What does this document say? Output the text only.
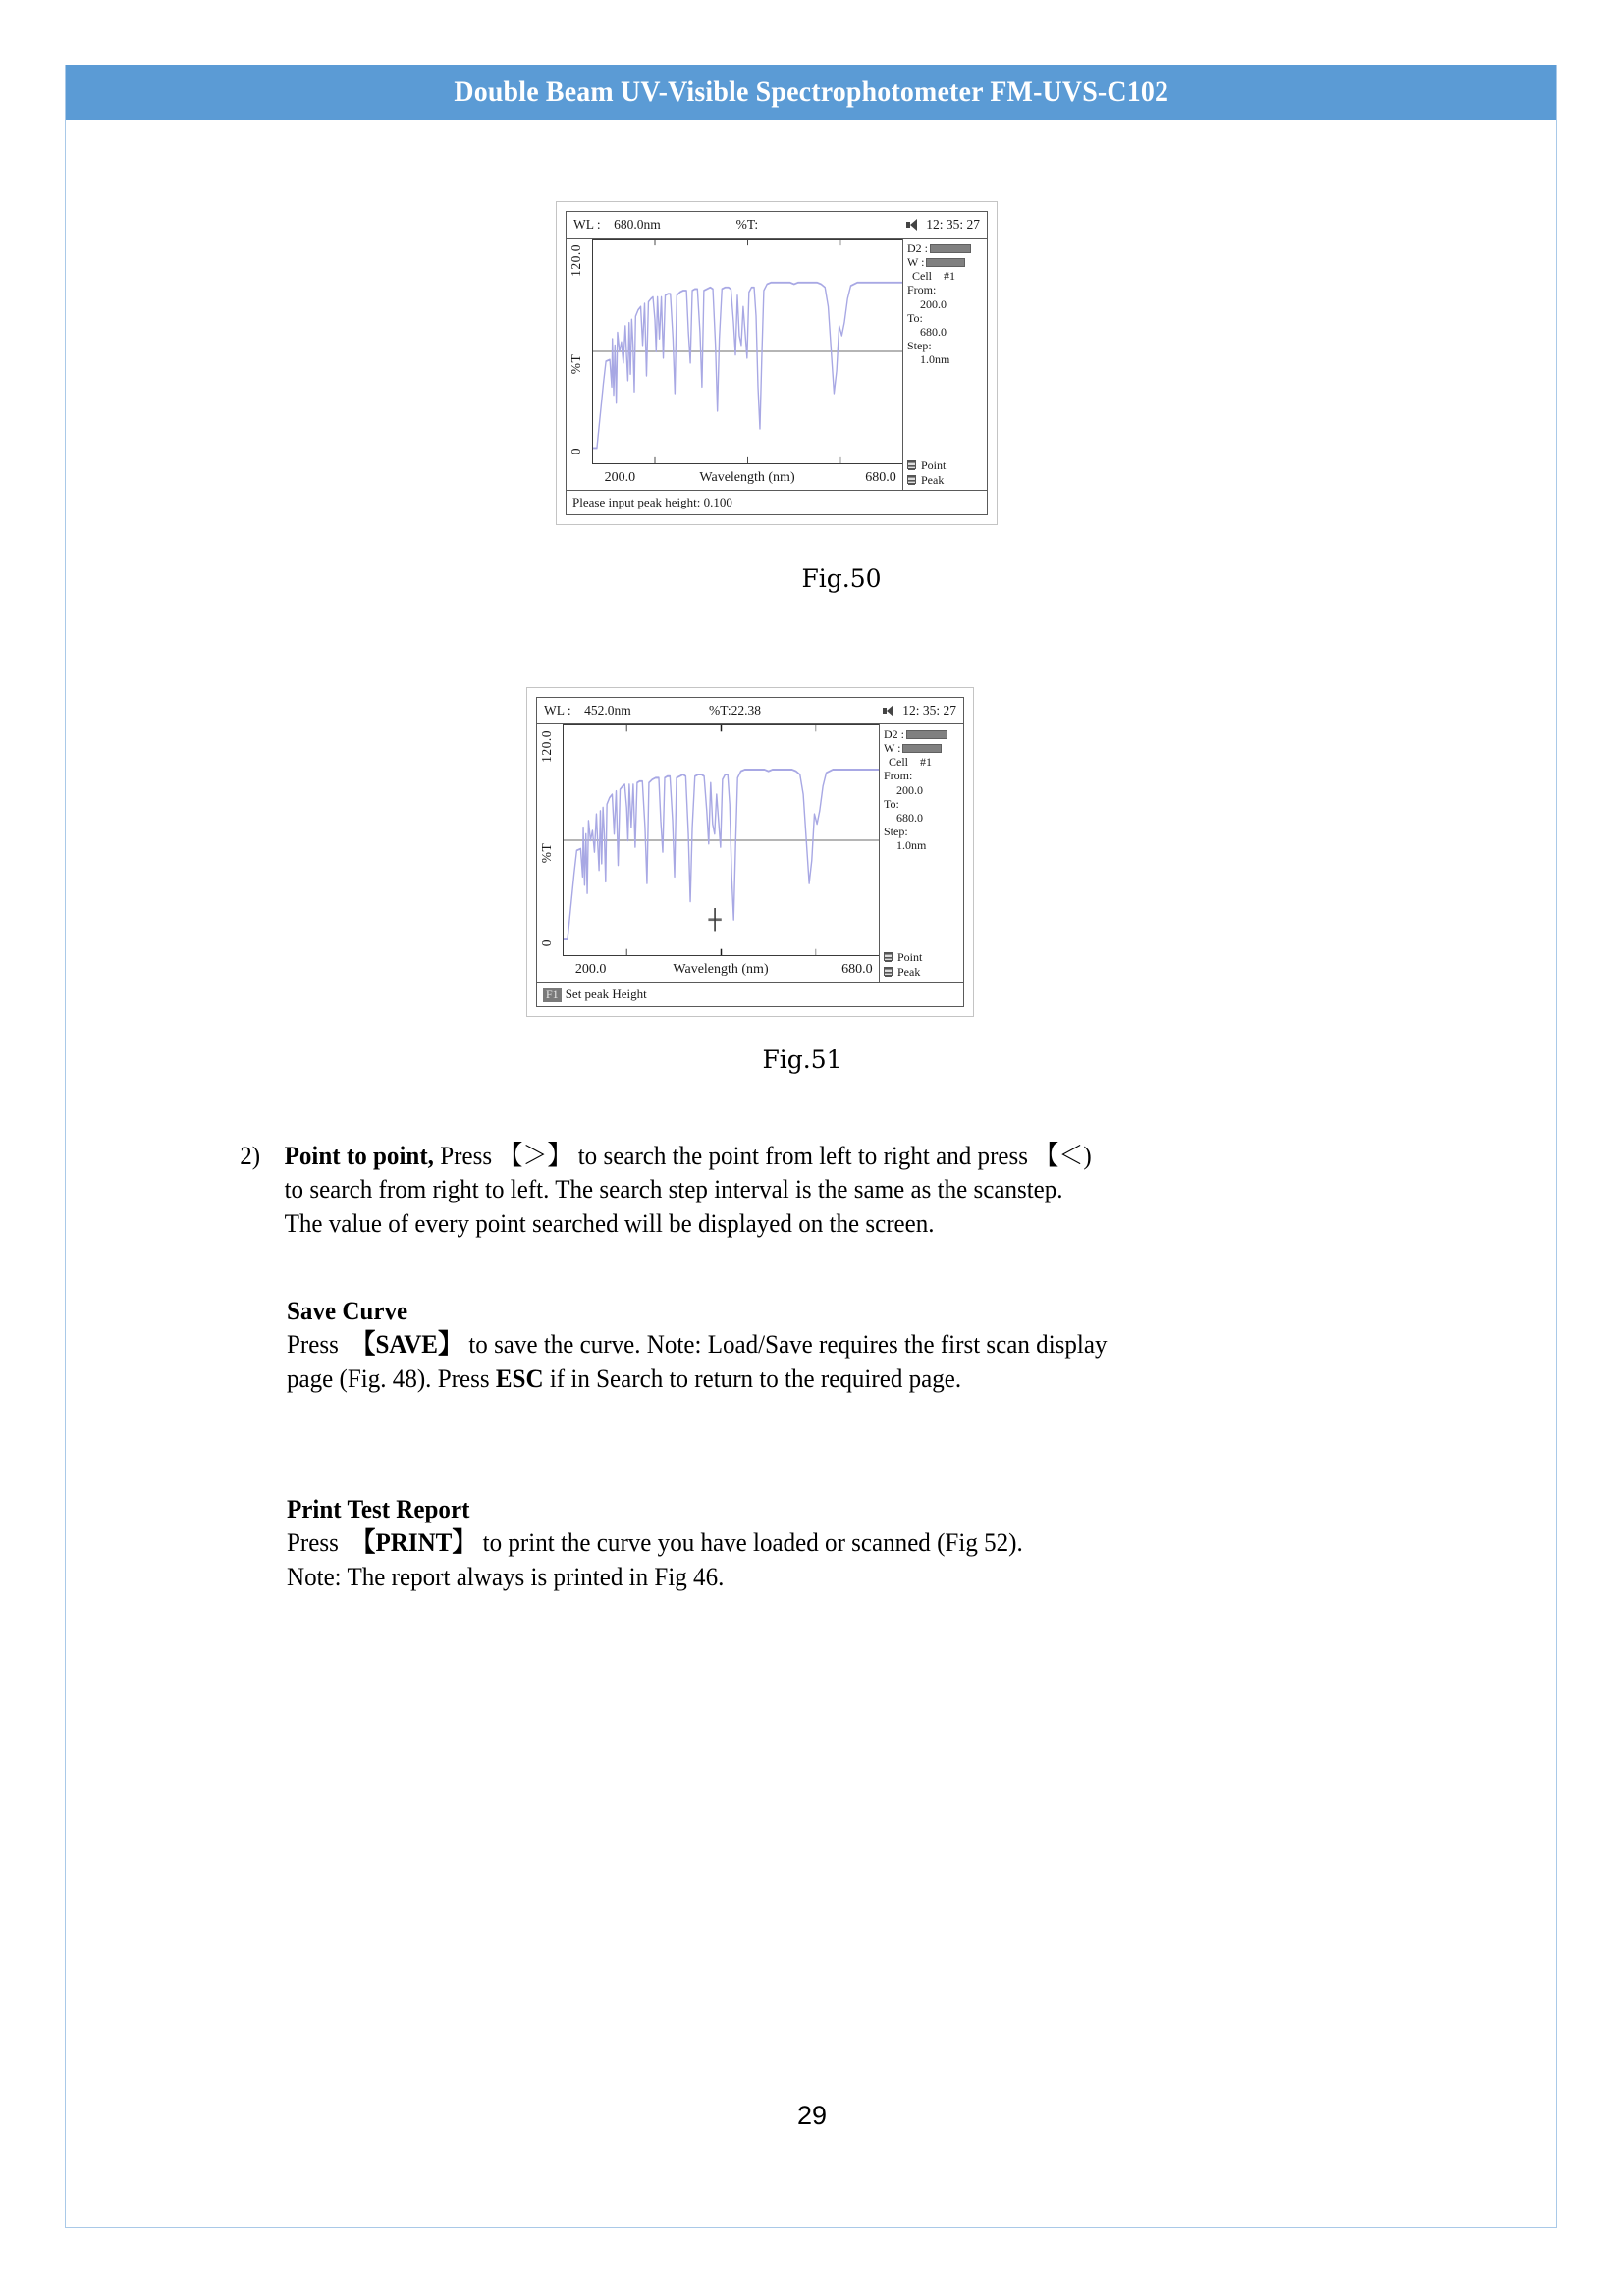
Double Beam UV-Visible Spectrophotometer FM-UVS-C102
WL : 680.0nm	%T:	12: 35: 27
120.0
%T
0
200.0	Wavelength (nm)	680.0
D2 :
W :
Cell #1
From:
200.0
To:
680.0
Step:
1.0nm
Point
Peak
Please input peak height: 0.100
Fig.50
WL : 452.0nm	%T:22.38	12: 35: 27
120.0
%T
0
200.0	Wavelength (nm)	680.0
D2 :
W :
Cell #1
From:
200.0
To:
680.0
Step:
1.0nm
Point
Peak
F1 Set peak Height
Fig.51
2) Point to point, Press 【＞】 to search the point from left to right and press 【＜)
to search from right to left. The search step interval is the same as the scanstep.
The value of every point searched will be displayed on the screen.
Save Curve
Press 【SAVE】 to save the curve. Note: Load/Save requires the first scan display
page (Fig. 48). Press ESC if in Search to return to the required page.
Print Test Report
Press 【PRINT】 to print the curve you have loaded or scanned (Fig 52).
Note: The report always is printed in Fig 46.
29
